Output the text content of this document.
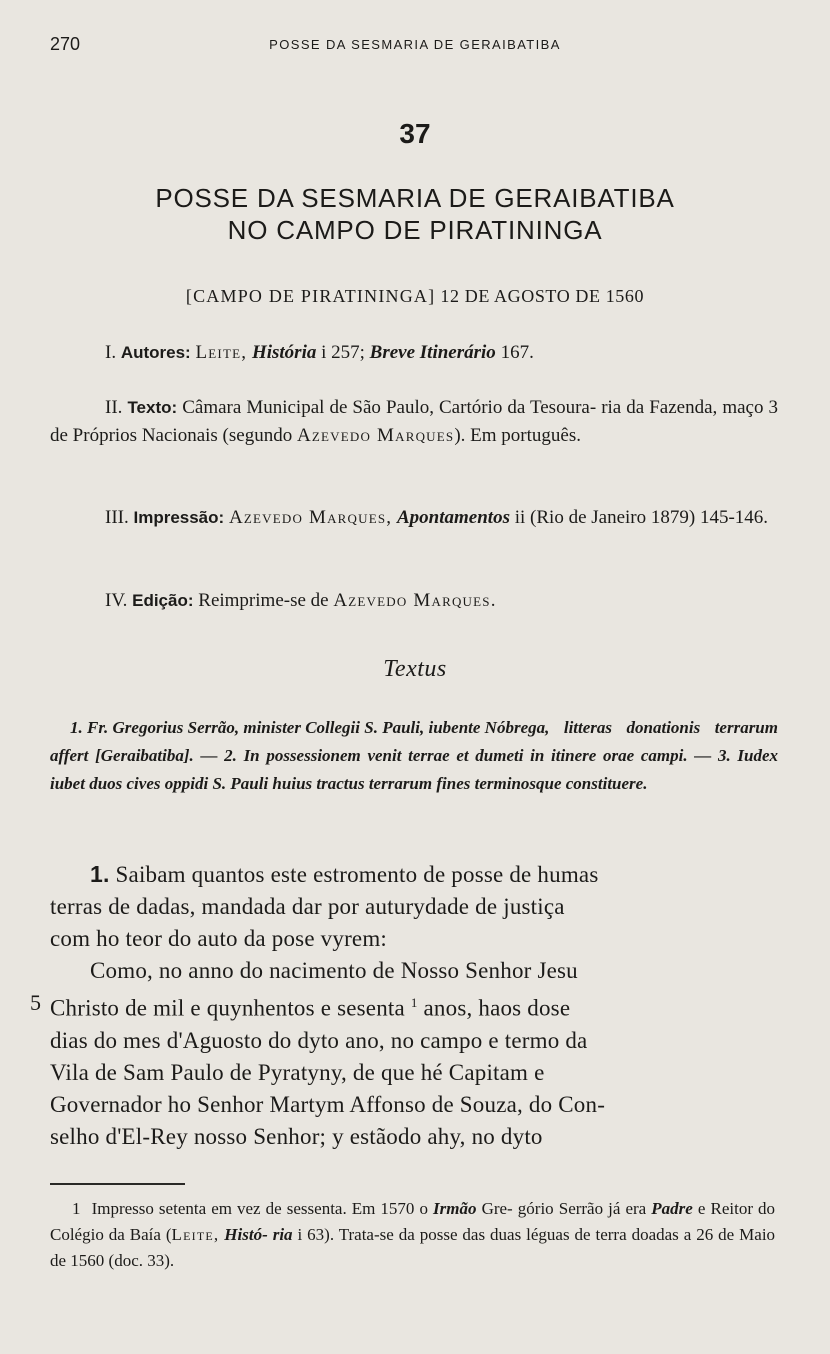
270	POSSE DA SESMARIA DE GERAIBATIBA
37
POSSE DA SESMARIA DE GERAIBATIBA
NO CAMPO DE PIRATININGA
[CAMPO DE PIRATININGA] 12 DE AGOSTO DE 1560
I. Autores: Leite, História i 257; Breve Itinerário 167.
II. Texto: Câmara Municipal de São Paulo, Cartório da Tesoura- ria da Fazenda, maço 3 de Próprios Nacionais (segundo Azevedo Marques). Em português.
III. Impressão: Azevedo Marques, Apontamentos ii (Rio de Janeiro 1879) 145-146.
IV. Edição: Reimprime-se de Azevedo Marques.
Textus
1. Fr. Gregorius Serrão, minister Collegii S. Pauli, iubente Nóbrega, litteras donationis terrarum affert [Geraibatiba]. — 2. In possessionem venit terrae et dumeti in itinere orae campi. — 3. Iudex iubet duos cives oppidi S. Pauli huius tractus terrarum fines terminosque constituere.
1. Saibam quantos este estromento de posse de humas
terras de dadas, mandada dar por auturydade de justiça
com ho teor do auto da pose vyrem:
Como, no anno do nacimento de Nosso Senhor Jesu
5 Christo de mil e quynhentos e sesenta $^1$ anos, haos dose
dias do mes d'Aguosto do dyto ano, no campo e termo da
Vila de Sam Paulo de Pyratyny, de que hé Capitam e
Governador ho Senhor Martym Affonso de Souza, do Con-
selho d'El-Rey nosso Senhor; y estãodo ahy, no dyto
1 Impresso setenta em vez de sessenta. Em 1570 o Irmão Gre- gório Serrão já era Padre e Reitor do Colégio da Baía (Leite, Histó- ria i 63). Trata-se da posse das duas léguas de terra doadas a 26 de Maio de 1560 (doc. 33).
